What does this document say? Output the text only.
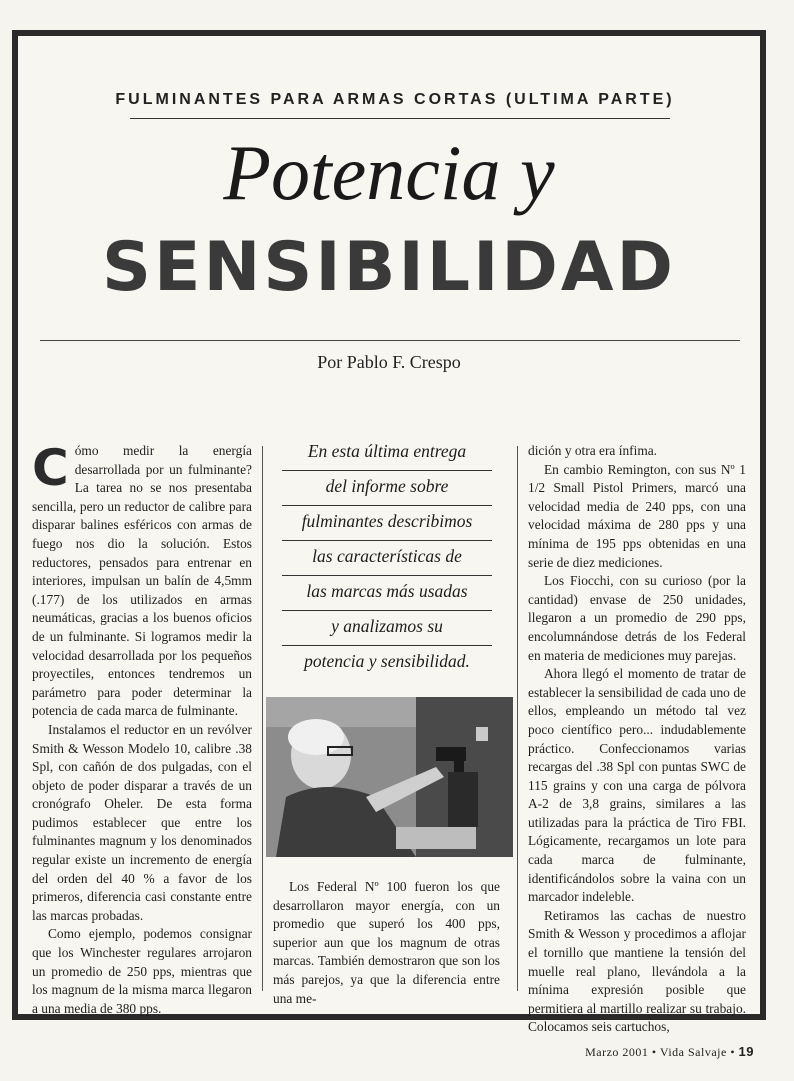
FULMINANTES PARA ARMAS CORTAS (ULTIMA PARTE)
Potencia y
SENSIBILIDAD
Por Pablo F. Crespo

Cómo medir la energía desarrollada por un fulminante? La tarea no se nos presentaba sencilla, pero un reductor de calibre para disparar balines esféricos con armas de fuego nos dio la solución. Estos reductores, pensados para entrenar en interiores, impulsan un balín de 4,5mm (.177) de los utilizados en armas neumáticas, gracias a los buenos oficios de un fulminante. Si logramos medir la velocidad desarrollada por los pequeños proyectiles, entonces tendremos un parámetro para poder determinar la potencia de cada marca de fulminante.

Instalamos el reductor en un revólver Smith & Wesson Modelo 10, calibre .38 Spl, con cañón de dos pulgadas, con el objeto de poder disparar a través de un cronógrafo Oheler. De esta forma pudimos establecer que entre los fulminantes magnum y los denominados regular existe un incremento de energía del orden del 40 % a favor de los primeros, diferencia casi constante entre las marcas probadas.

Como ejemplo, podemos consignar que los Winchester regulares arrojaron un promedio de 250 pps, mientras que los magnum de la misma marca llegaron a una media de 380 pps.

En esta última entrega
del informe sobre
fulminantes describimos
las características de
las marcas más usadas
y analizamos su
potencia y sensibilidad.

Los Federal Nº 100 fueron los que desarrollaron mayor energía, con un promedio que superó los 400 pps, superior aun que los magnum de otras marcas. También demostraron que son los más parejos, ya que la diferencia entre una me-

dición y otra era ínfima.

En cambio Remington, con sus Nº 1 1/2 Small Pistol Primers, marcó una velocidad media de 240 pps, con una velocidad máxima de 280 pps y una mínima de 195 pps obtenidas en una serie de diez mediciones.

Los Fiocchi, con su curioso (por la cantidad) envase de 250 unidades, llegaron a un promedio de 290 pps, encolumnándose detrás de los Federal en materia de mediciones muy parejas.

Ahora llegó el momento de tratar de establecer la sensibilidad de cada uno de ellos, empleando un método tal vez poco científico pero... indudablemente práctico. Confeccionamos varias recargas del .38 Spl con puntas SWC de 115 grains y con una carga de pólvora A-2 de 3,8 grains, similares a las utilizadas para la práctica de Tiro FBI. Lógicamente, recargamos un lote para cada marca de fulminante, identificándolos sobre la vaina con un marcador indeleble.

Retiramos las cachas de nuestro Smith & Wesson y procedimos a aflojar el tornillo que mantiene la tensión del muelle real plano, llevándola a la mínima expresión posible que permitiera al martillo realizar su trabajo. Colocamos seis cartuchos,

Marzo 2001 • Vida Salvaje • 19
